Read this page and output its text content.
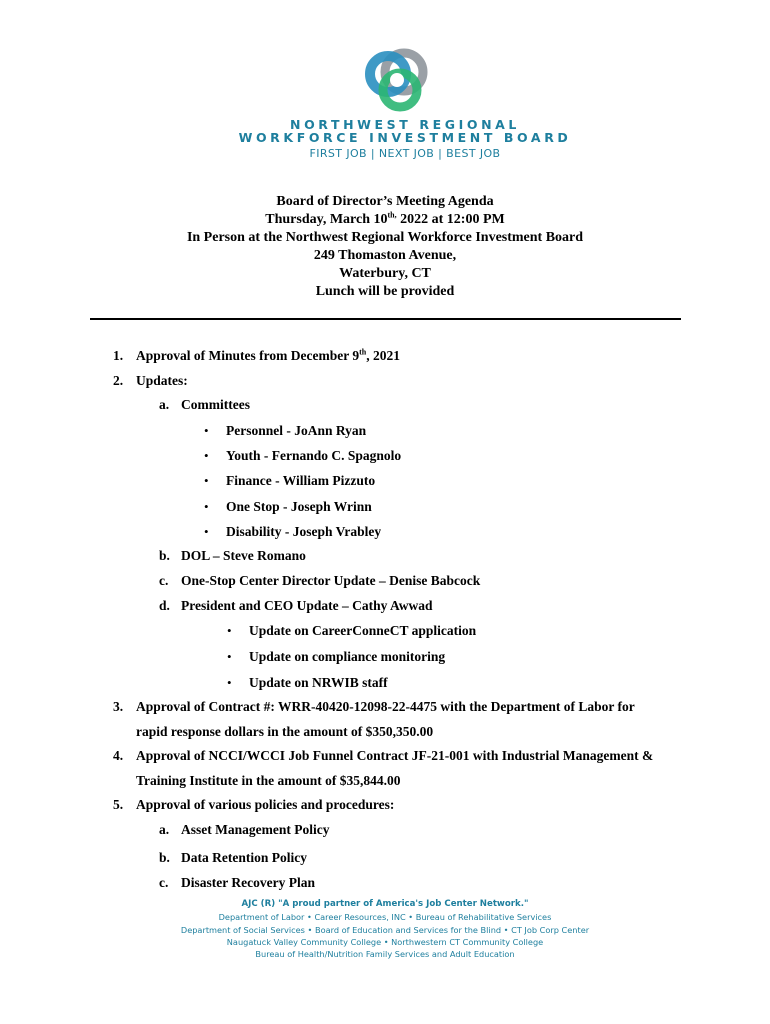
NORTHWEST REGIONAL
WORKFORCE INVESTMENT BOARD
FIRST JOB | NEXT JOB | BEST JOB
Board of Director’s Meeting Agenda
Thursday, March $10^{th,}$ 2022 at 12:00 PM
In Person at the Northwest Regional Workforce Investment Board
249 Thomaston Avenue,
Waterbury, CT
Lunch will be provided
1. Approval of Minutes from December 9th, 2021
2. Updates:
a. Committees
• Personnel - JoAnn Ryan
• Youth - Fernando C. Spagnolo
• Finance - William Pizzuto
• One Stop - Joseph Wrinn
• Disability - Joseph Vrabley
b. DOL – Steve Romano
c. One-Stop Center Director Update – Denise Babcock
d. President and CEO Update – Cathy Awwad
• Update on CareerConneCT application
• Update on compliance monitoring
• Update on NRWIB staff
3. Approval of Contract #: WRR-40420-12098-22-4475 with the Department of Labor for
rapid response dollars in the amount of $350,350.00
4. Approval of NCCI/WCCI Job Funnel Contract JF-21-001 with Industrial Management &
Training Institute in the amount of $35,844.00
5. Approval of various policies and procedures:
a. Asset Management Policy
b. Data Retention Policy
c. Disaster Recovery Plan
AJC (R) "A proud partner of America's Job Center Network."
Department of Labor • Career Resources, INC • Bureau of Rehabilitative Services
Department of Social Services • Board of Education and Services for the Blind • CT Job Corp Center
Naugatuck Valley Community College • Northwestern CT Community College
Bureau of Health/Nutrition Family Services and Adult Education
